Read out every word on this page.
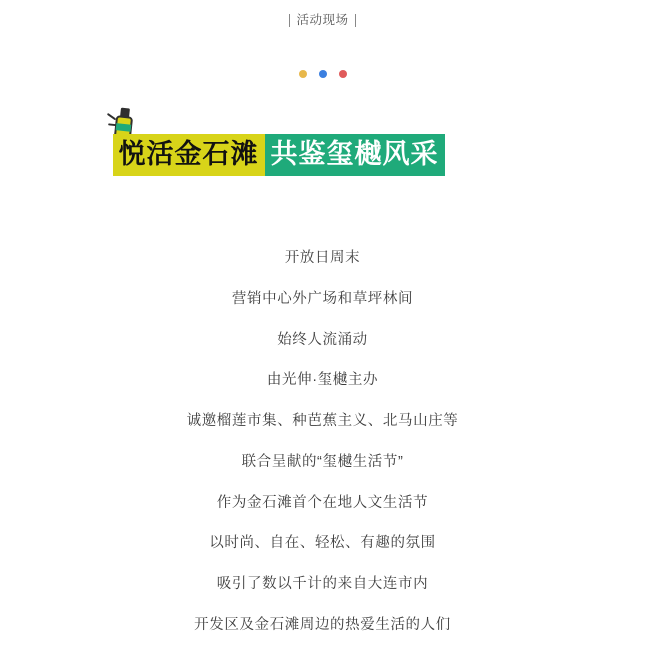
活动现场
悦活金石滩 共鉴玺樾风采
开放日周末
营销中心外广场和草坪林间
始终人流涌动
由光伸·玺樾主办
诚邀榴莲市集、种芭蕉主义、北马山庄等
联合呈献的“玺樾生活节”
作为金石滩首个在地人文生活节
以时尚、自在、轻松、有趣的氛围
吸引了数以千计的来自大连市内
开发区及金石滩周边的热爱生活的人们
